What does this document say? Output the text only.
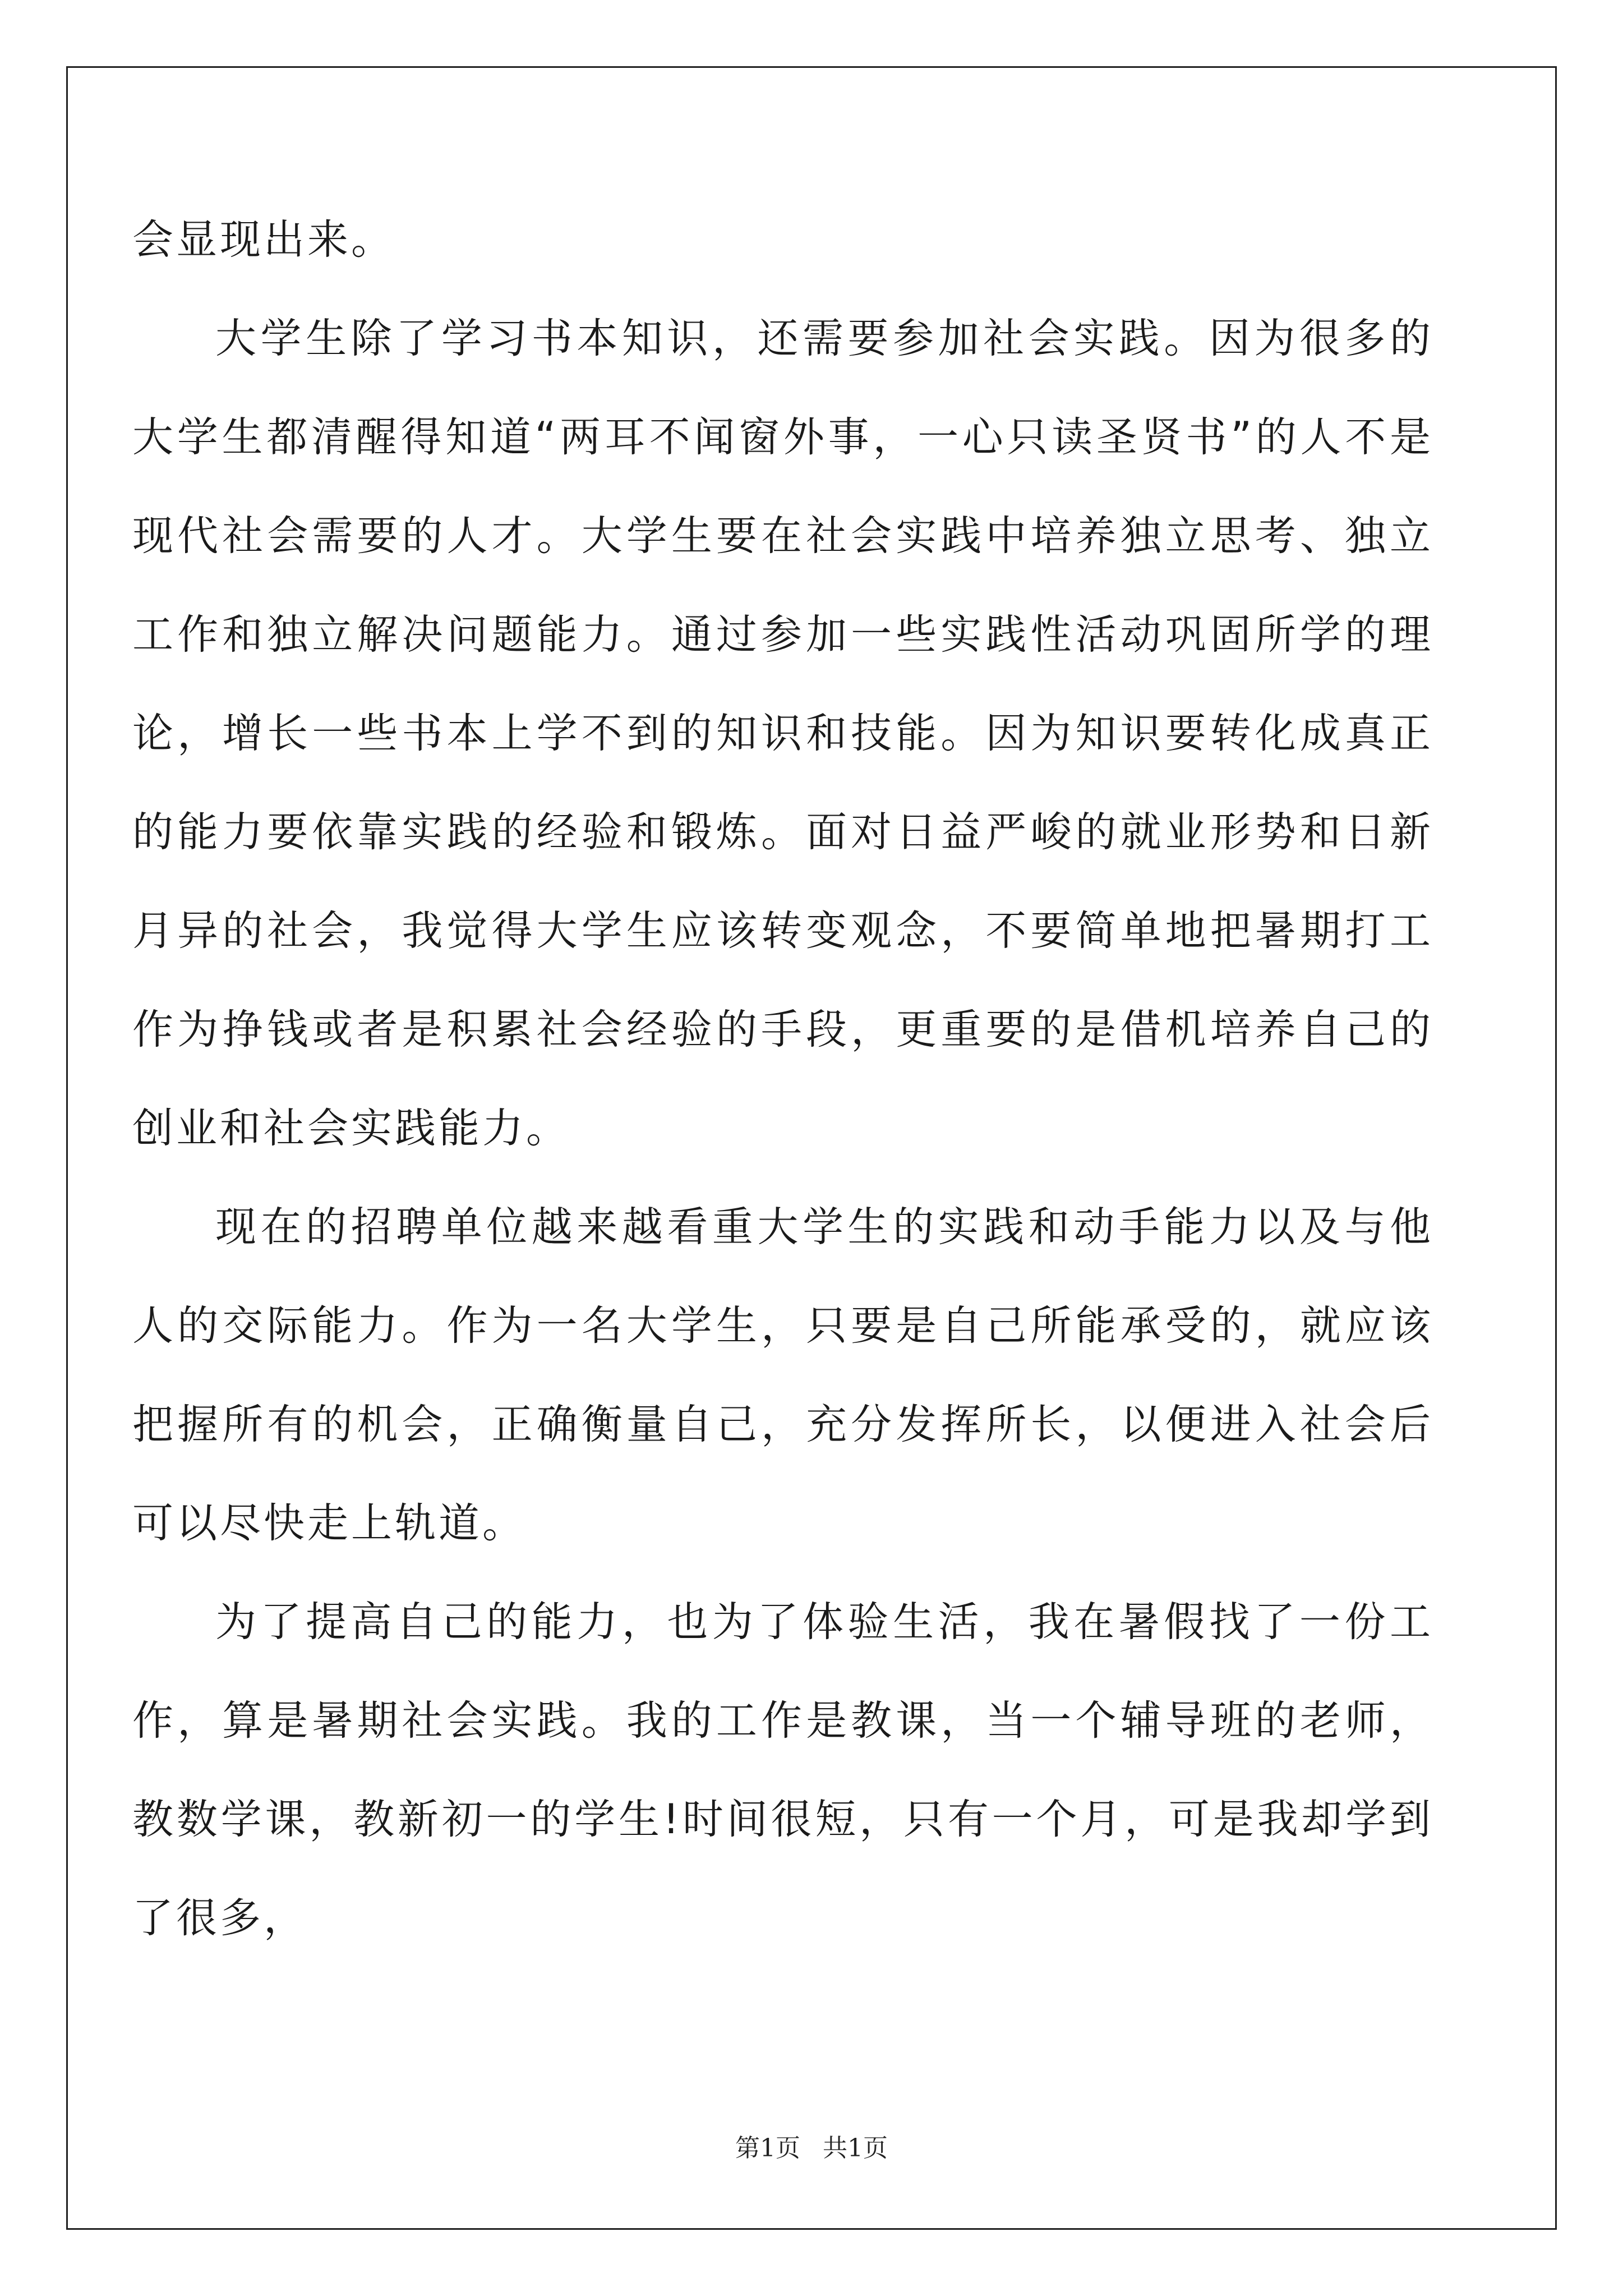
会显现出来。

大学生除了学习书本知识，还需要参加社会实践。因为很多的大学生都清醒得知道“两耳不闻窗外事，一心只读圣贤书”的人不是现代社会需要的人才。大学生要在社会实践中培养独立思考、独立工作和独立解决问题能力。通过参加一些实践性活动巩固所学的理论，增长一些书本上学不到的知识和技能。因为知识要转化成真正的能力要依靠实践的经验和锻炼。面对日益严峻的就业形势和日新月异的社会，我觉得大学生应该转变观念，不要简单地把暑期打工作为挣钱或者是积累社会经验的手段，更重要的是借机培养自己的创业和社会实践能力。

现在的招聘单位越来越看重大学生的实践和动手能力以及与他人的交际能力。作为一名大学生，只要是自己所能承受的，就应该把握所有的机会，正确衡量自己，充分发挥所长，以便进入社会后可以尽快走上轨道。

为了提高自己的能力，也为了体验生活，我在暑假找了一份工作，算是暑期社会实践。我的工作是教课，当一个辅导班的老师，教数学课，教新初一的学生!时间很短，只有一个月，可是我却学到了很多，

第1页 共1页
